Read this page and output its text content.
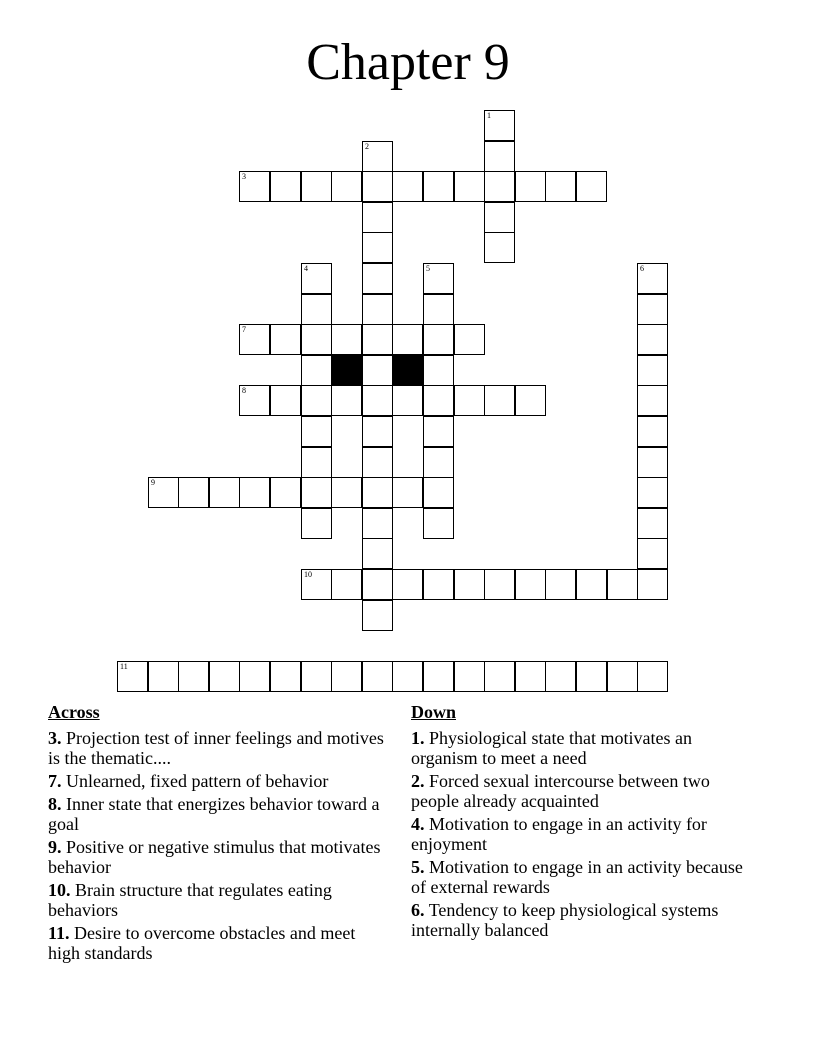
Chapter 9
1
2
3
4	5	6
7
8
9
10
11
Across
3. Projection test of inner feelings and motives is the thematic....
7. Unlearned, fixed pattern of behavior
8. Inner state that energizes behavior toward a goal
9. Positive or negative stimulus that motivates behavior
10. Brain structure that regulates eating behaviors
11. Desire to overcome obstacles and meet high standards
Down
1. Physiological state that motivates an organism to meet a need
2. Forced sexual intercourse between two people already acquainted
4. Motivation to engage in an activity for enjoyment
5. Motivation to engage in an activity because of external rewards
6. Tendency to keep physiological systems internally balanced
